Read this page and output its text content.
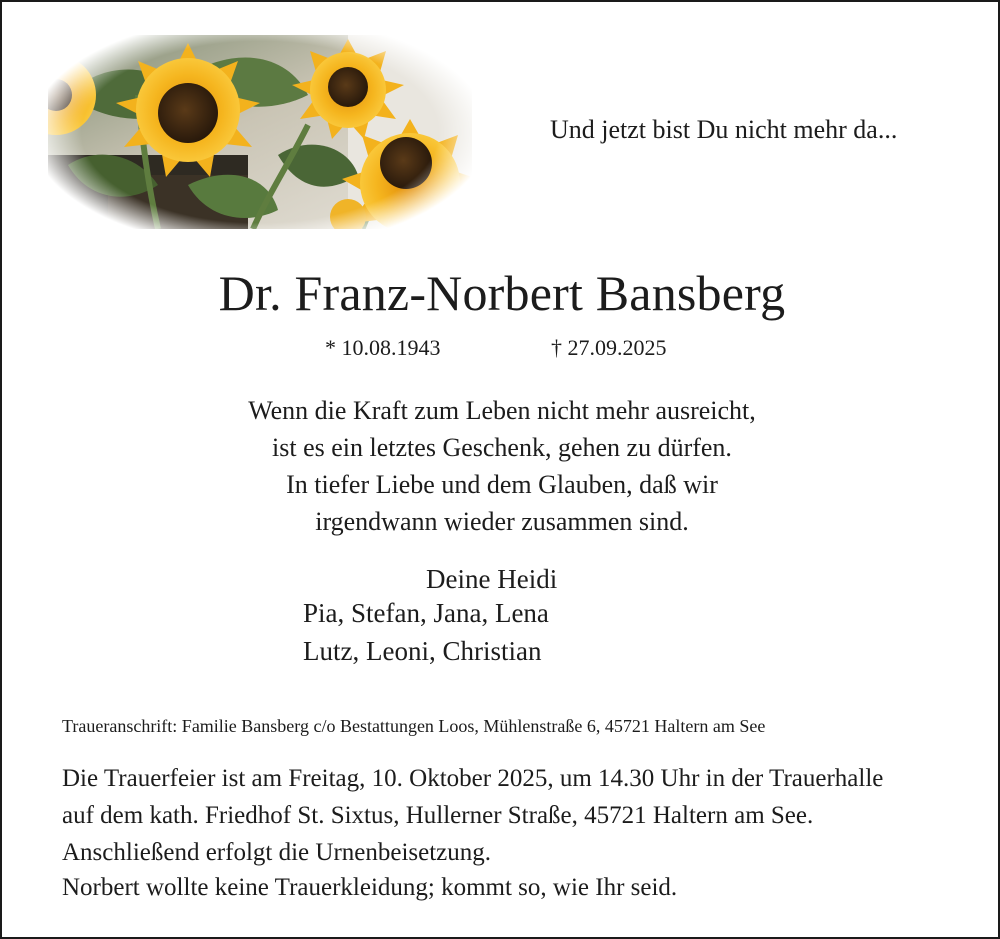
Und jetzt bist Du nicht mehr da...
Dr. Franz-Norbert Bansberg
* 10.08.1943	† 27.09.2025
Wenn die Kraft zum Leben nicht mehr ausreicht,
ist es ein letztes Geschenk, gehen zu dürfen.
In tiefer Liebe und dem Glauben, daß wir
irgendwann wieder zusammen sind.
Deine Heidi
Pia, Stefan, Jana, Lena
Lutz, Leoni, Christian
Traueranschrift: Familie Bansberg c/o Bestattungen Loos, Mühlenstraße 6, 45721 Haltern am See
Die Trauerfeier ist am Freitag, 10. Oktober 2025, um 14.30 Uhr in der Trauerhalle
auf dem kath. Friedhof St. Sixtus, Hullerner Straße, 45721 Haltern am See.
Anschließend erfolgt die Urnenbeisetzung.
Norbert wollte keine Trauerkleidung; kommt so, wie Ihr seid.
